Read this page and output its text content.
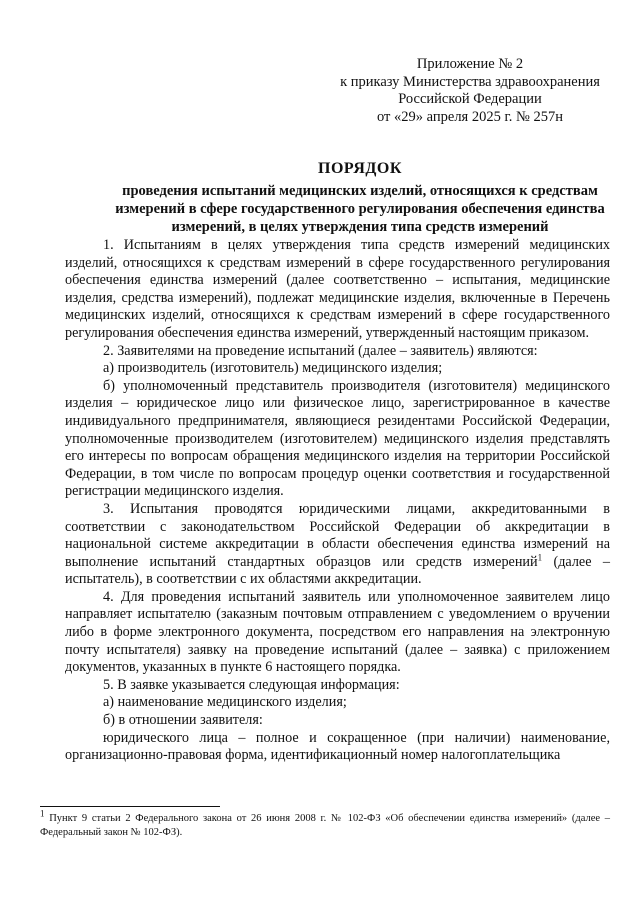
Приложение № 2
к приказу Министерства здравоохранения
Российской Федерации
от «29» апреля 2025 г. № 257н
ПОРЯДОК
проведения испытаний медицинских изделий, относящихся к средствам измерений в сфере государственного регулирования обеспечения единства измерений, в целях утверждения типа средств измерений

1. Испытаниям в целях утверждения типа средств измерений медицинских изделий, относящихся к средствам измерений в сфере государственного регулирования обеспечения единства измерений (далее соответственно – испытания, медицинские изделия, средства измерений), подлежат медицинские изделия, включенные в Перечень медицинских изделий, относящихся к средствам измерений в сфере государственного регулирования обеспечения единства измерений, утвержденный настоящим приказом.

2. Заявителями на проведение испытаний (далее – заявитель) являются:

а) производитель (изготовитель) медицинского изделия;

б) уполномоченный представитель производителя (изготовителя) медицинского изделия – юридическое лицо или физическое лицо, зарегистрированное в качестве индивидуального предпринимателя, являющиеся резидентами Российской Федерации, уполномоченные производителем (изготовителем) медицинского изделия представлять его интересы по вопросам обращения медицинского изделия на территории Российской Федерации, в том числе по вопросам процедур оценки соответствия и государственной регистрации медицинского изделия.

3. Испытания проводятся юридическими лицами, аккредитованными в соответствии с законодательством Российской Федерации об аккредитации в национальной системе аккредитации в области обеспечения единства измерений на выполнение испытаний стандартных образцов или средств измерений$^1$ (далее – испытатель), в соответствии с их областями аккредитации.

4. Для проведения испытаний заявитель или уполномоченное заявителем лицо направляет испытателю (заказным почтовым отправлением с уведомлением о вручении либо в форме электронного документа, посредством его направления на электронную почту испытателя) заявку на проведение испытаний (далее – заявка) с приложением документов, указанных в пункте 6 настоящего порядка.

5. В заявке указывается следующая информация:

а) наименование медицинского изделия;

б) в отношении заявителя:

юридического лица – полное и сокращенное (при наличии) наименование, организационно-правовая форма, идентификационный номер налогоплательщика

$^1$ Пункт 9 статьи 2 Федерального закона от 26 июня 2008 г. № 102-ФЗ «Об обеспечении единства измерений» (далее – Федеральный закон № 102-ФЗ).
